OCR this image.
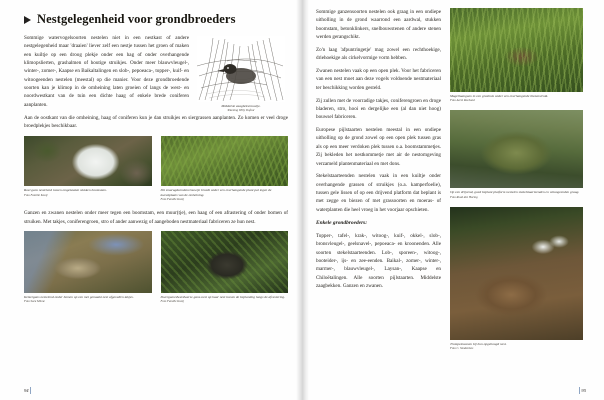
Nestgelegenheid voor grondbroeders

Sommige watervogelsoorten nestelen niet in een nestkast of andere nestgelegenheid maar 'draaien' liever zelf een nestje tussen het groen of maken een kuiltje op een droog plekje onder een hag of onder overhangende klimopslierten, grashalmen of houtige struikjes. Onder meer blauwvleugel-, winter-, zomer-, Kaapse en Baikaltalingen en slob-, pepoeaca-, topper-, kuif- en witoogeenden nestelen (meestal) op die manier. Voor deze grondbroedende soorten kan je klimop in de omheining laten groeien of langs de west- en noordwestkant van de tuin een dichte haag of enkele brede coniferen aanplanten.	Middelste zaagbekvrouwtje.
Tekening Willy Dufour

Aan de oostkant van die omheining, haag of coniferen kun je dan struikjes en siergrassen aanplanten. Zo komen er veel droge broedplekjes beschikbaar.

Roei gans nestelend tussen omgeknakte stukken boomstam.
Foto Familie Kooij
Dit smaragdeendenvrouwtje broedt onder een overhangende plant pal tegen de kweekplaats van de omheining.
Foto Familie Kooij

Ganzen en zwanen nestelen onder meer tegen een boomstam, een muur(tje), een haag of een afrastering of onder bomen of struiken. Met takjes, coniferengroen, stro of ander aanwezig of aangeboden nestmateriaal fabriceren ze hun nest.

Keizergans nestelend onder bomen op een met gemaakt nest afgevallen takjes.
Foto Sara Minne
Dwergans/dwerdwarse gans-nest op haar nest tussen de beplanting langs de afrastering.
Foto Familie Kooij
94

Sommige ganzensoorten nestelen ook graag in een ondiepe uitholling in de grond waarrond een aardwal, stukken boomstam, betonklinkers, snelbouwstenen of andere stenen werden gerangschikt.

Zo'n laag 'afpuntringetje' mag zowel een rechthoekige, driehoekige als cirkelvormige vorm hebben.

Zwanen nestelen vaak op een open plek. Voor het fabriceren van een nest moet aan deze vogels voldoende nestmateriaal ter beschikking worden gesteld.

Zij zullen met de voorradige takjes, coniferengroen en droge bladeren, stro, hooi en dergelijke een (al dan niet hoog) bouwsel fabriceren.

Europese pijlstaarten nestelen meestal in een ondiepe uitholling op de grond zowel op een open plek tussen gras als op een meer verdoken plek tussen o.a. boomstammetjes. Zij bekleden het nestkommetje met air de nestomgeving verzameld plantenmateriaal en met dons.

Stekelstaarteenden nestelen vaak in een kuiltje onder overhangende grassen of struikjes (o.a. kamperfoelie), tussen gele lissen of op een drijvend platform dat beplant is met zegge en biezen of met grassoorten en moeras- of waterplanten die heel vroeg in het voorjaar opschieten.

Enkele grondbroeders:

Topper-, tafel-, krak-, witoog-, kuif-, okkel-, slob-, bronsvleugel-, geelsnavel-, pepoeaca- en kroonenden. Alle soorten stekelstaarteenden. Lob-, sporeen-, witoog-, booteider-, ijs- en zee-eenden. Baikal-, zomer-, winter-, marmer-, blauwvleugel-, Laysan-, Kaapse en Chiloëtalingen. Alle soorten pijlstaarten. Middelste zaagbekken. Ganzen en zwanen.

Magellaangans in een grasbuts onder een overhangende biezenstruik.
Foto Aerol Rochand
Op een drijvend, goed beplant platform nestelen stekelstaarteenden en witoogeenden graag.
Foto Ruud den Hartog
Trompetzwanen bij hun opgehoogd nest.
Foto C. Vandenbos
95
